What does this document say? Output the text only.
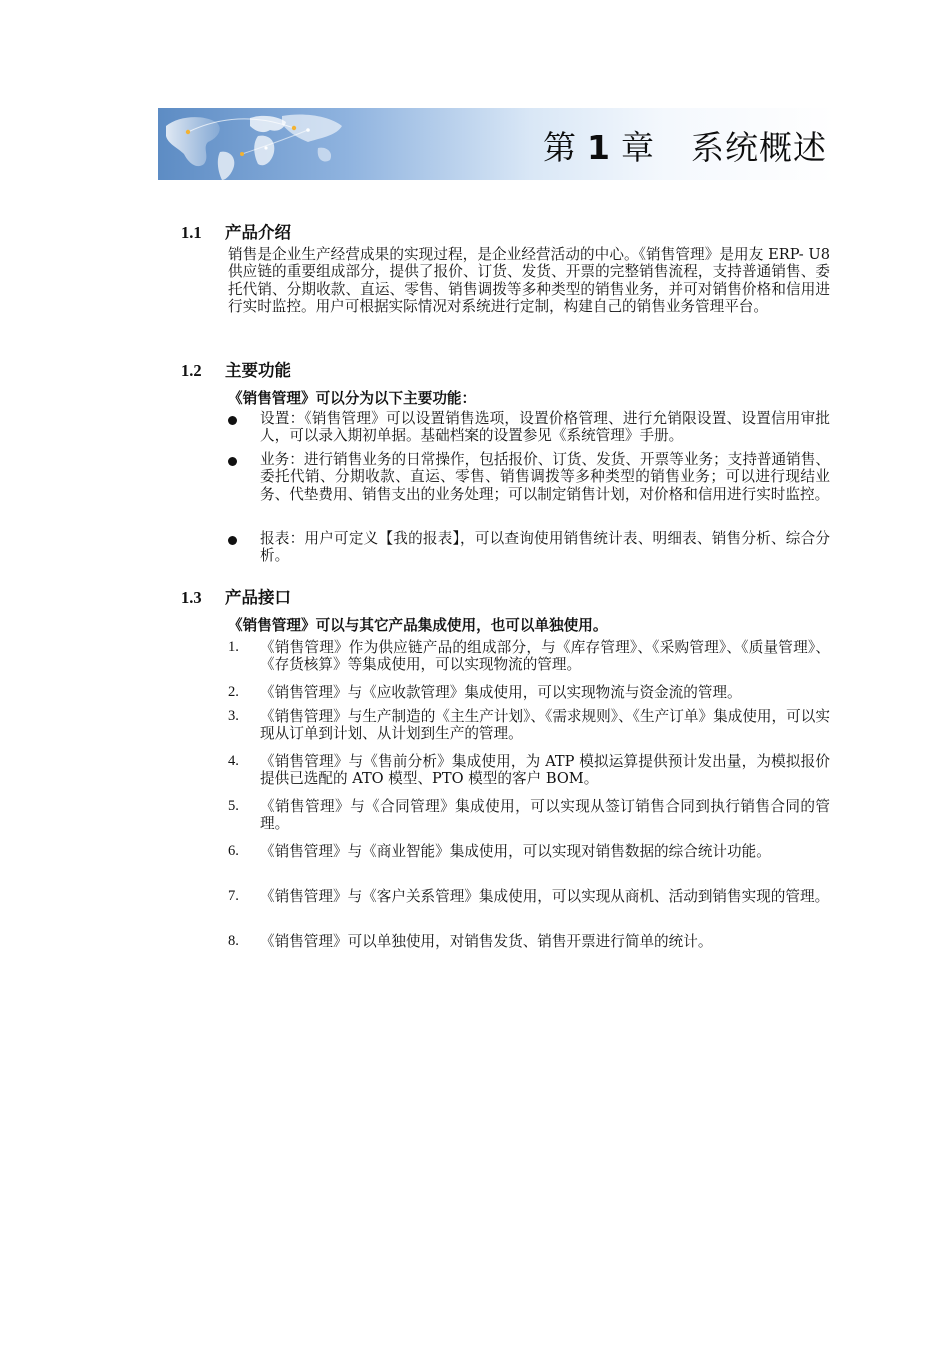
第 1 章 系统概述
1.1 产品介绍
销售是企业生产经营成果的实现过程，是企业经营活动的中心。《销售管理》是用友 ERP- U8 供应链的重要组成部分，提供了报价、订货、发货、开票的完整销售流程，支持普通销售、委托代销、分期收款、直运、零售、销售调拨等多种类型的销售业务，并可对销售价格和信用进行实时监控。用户可根据实际情况对系统进行定制，构建自己的销售业务管理平台。
1.2 主要功能
《销售管理》可以分为以下主要功能：
设置：《销售管理》可以设置销售选项，设置价格管理、进行允销限设置、设置信用审批人，可以录入期初单据。基础档案的设置参见《系统管理》手册。
业务：进行销售业务的日常操作，包括报价、订货、发货、开票等业务；支持普通销售、委托代销、分期收款、直运、零售、销售调拨等多种类型的销售业务；可以进行现结业务、代垫费用、销售支出的业务处理；可以制定销售计划，对价格和信用进行实时监控。
报表：用户可定义【我的报表】，可以查询使用销售统计表、明细表、销售分析、综合分析。
1.3 产品接口
《销售管理》可以与其它产品集成使用，也可以单独使用。
1. 《销售管理》作为供应链产品的组成部分，与《库存管理》、《采购管理》、《质量管理》、《存货核算》等集成使用，可以实现物流的管理。
2. 《销售管理》与《应收款管理》集成使用，可以实现物流与资金流的管理。
3. 《销售管理》与生产制造的《主生产计划》、《需求规则》、《生产订单》集成使用，可以实现从订单到计划、从计划到生产的管理。
4. 《销售管理》与《售前分析》集成使用，为 ATP 模拟运算提供预计发出量，为模拟报价提供已选配的 ATO 模型、PTO 模型的客户 BOM。
5. 《销售管理》与《合同管理》集成使用，可以实现从签订销售合同到执行销售合同的管理。
6. 《销售管理》与《商业智能》集成使用，可以实现对销售数据的综合统计功能。
7. 《销售管理》与《客户关系管理》集成使用，可以实现从商机、活动到销售实现的管理。
8. 《销售管理》可以单独使用，对销售发货、销售开票进行简单的统计。
